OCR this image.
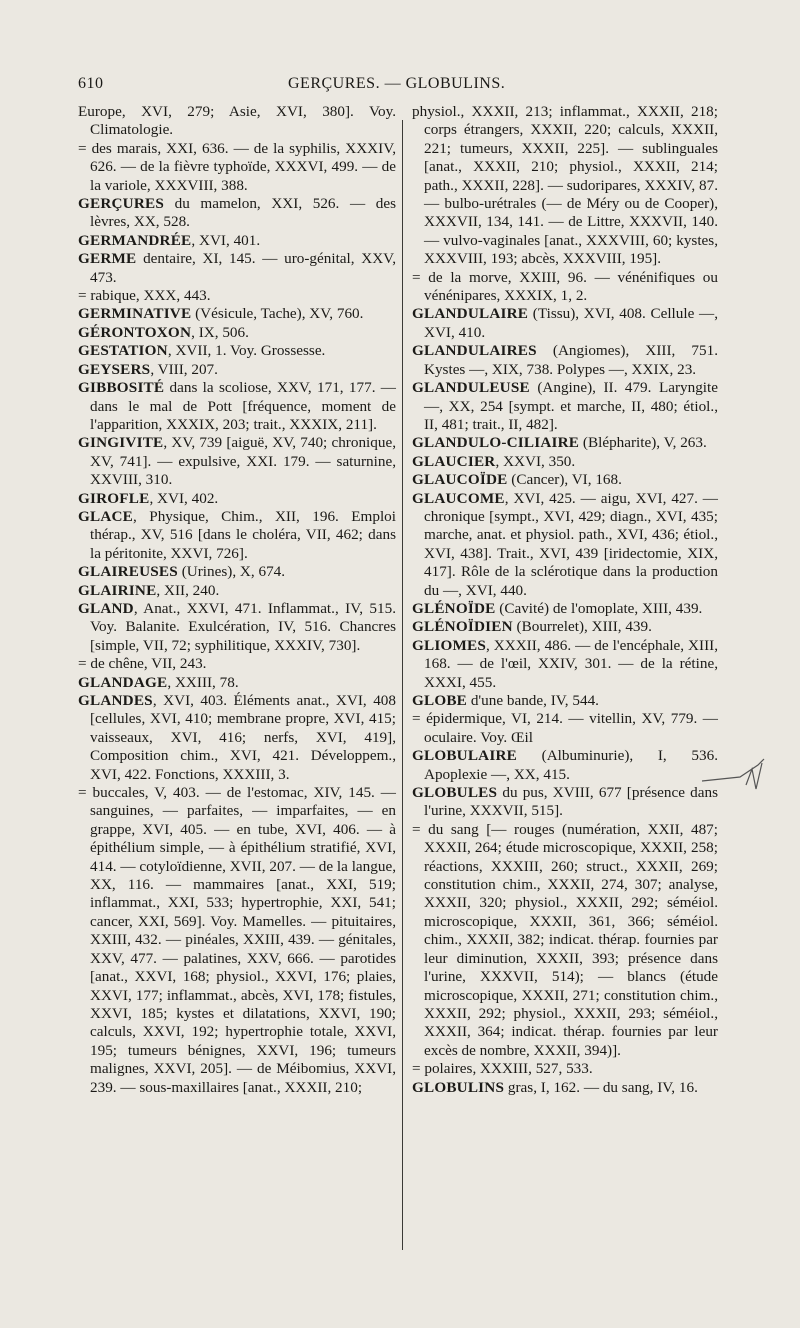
610	GERÇURES. — GLOBULINS.

Europe, XVI, 279; Asie, XVI, 380]. Voy. Climatologie.

= des marais, XXI, 636. — de la syphilis, XXXIV, 626. — de la fièvre typhoïde, XXXVI, 499. — de la variole, XXXVIII, 388.

GERÇURES du mamelon, XXI, 526. — des lèvres, XX, 528.

GERMANDRÉE, XVI, 401.

GERME dentaire, XI, 145. — uro-génital, XXV, 473.

= rabique, XXX, 443.

GERMINATIVE (Vésicule, Tache), XV, 760.

GÉRONTOXON, IX, 506.

GESTATION, XVII, 1. Voy. Grossesse.

GEYSERS, VIII, 207.

GIBBOSITÉ dans la scoliose, XXV, 171, 177. — dans le mal de Pott [fréquence, moment de l'apparition, XXXIX, 203; trait., XXXIX, 211].

GINGIVITE, XV, 739 [aiguë, XV, 740; chronique, XV, 741]. — expulsive, XXI. 179. — saturnine, XXVIII, 310.

GIROFLE, XVI, 402.

GLACE, Physique, Chim., XII, 196. Emploi thérap., XV, 516 [dans le choléra, VII, 462; dans la péritonite, XXVI, 726].

GLAIREUSES (Urines), X, 674.

GLAIRINE, XII, 240.

GLAND, Anat., XXVI, 471. Inflammat., IV, 515. Voy. Balanite. Exulcération, IV, 516. Chancres [simple, VII, 72; syphilitique, XXXIV, 730].

= de chêne, VII, 243.

GLANDAGE, XXIII, 78.

GLANDES, XVI, 403. Éléments anat., XVI, 408 [cellules, XVI, 410; membrane propre, XVI, 415; vaisseaux, XVI, 416; nerfs, XVI, 419], Composition chim., XVI, 421. Développem., XVI, 422. Fonctions, XXXIII, 3.

= buccales, V, 403. — de l'estomac, XIV, 145. — sanguines, — parfaites, — imparfaites, — en grappe, XVI, 405. — en tube, XVI, 406. — à épithélium simple, — à épithélium stratifié, XVI, 414. — cotyloïdienne, XVII, 207. — de la langue, XX, 116. — mammaires [anat., XXI, 519; inflammat., XXI, 533; hypertrophie, XXI, 541; cancer, XXI, 569]. Voy. Mamelles. — pituitaires, XXIII, 432. — pinéales, XXIII, 439. — génitales, XXV, 477. — palatines, XXV, 666. — parotides [anat., XXVI, 168; physiol., XXVI, 176; plaies, XXVI, 177; inflammat., abcès, XVI, 178; fistules, XXVI, 185; kystes et dilatations, XXVI, 190; calculs, XXVI, 192; hypertrophie totale, XXVI, 195; tumeurs bénignes, XXVI, 196; tumeurs malignes, XXVI, 205]. — de Méibomius, XXVI, 239. — sous-maxillaires [anat., XXXII, 210;

physiol., XXXII, 213; inflammat., XXXII, 218; corps étrangers, XXXII, 220; calculs, XXXII, 221; tumeurs, XXXII, 225]. — sublinguales [anat., XXXII, 210; physiol., XXXII, 214; path., XXXII, 228]. — sudoripares, XXXIV, 87. — bulbo-urétrales (— de Méry ou de Cooper), XXXVII, 134, 141. — de Littre, XXXVII, 140. — vulvo-vaginales [anat., XXXVIII, 60; kystes, XXXVIII, 193; abcès, XXXVIII, 195].

= de la morve, XXIII, 96. — vénénifiques ou vénénipares, XXXIX, 1, 2.

GLANDULAIRE (Tissu), XVI, 408. Cellule —, XVI, 410.

GLANDULAIRES (Angiomes), XIII, 751. Kystes —, XIX, 738. Polypes —, XXIX, 23.

GLANDULEUSE (Angine), II. 479. Laryngite —, XX, 254 [sympt. et marche, II, 480; étiol., II, 481; trait., II, 482].

GLANDULO-CILIAIRE (Blépharite), V, 263.

GLAUCIER, XXVI, 350.

GLAUCOÏDE (Cancer), VI, 168.

GLAUCOME, XVI, 425. — aigu, XVI, 427. — chronique [sympt., XVI, 429; diagn., XVI, 435; marche, anat. et physiol. path., XVI, 436; étiol., XVI, 438]. Trait., XVI, 439 [iridectomie, XIX, 417]. Rôle de la sclérotique dans la production du —, XVI, 440.

GLÉNOÏDE (Cavité) de l'omoplate, XIII, 439.

GLÉNOÏDIEN (Bourrelet), XIII, 439.

GLIOMES, XXXII, 486. — de l'encéphale, XIII, 168. — de l'œil, XXIV, 301. — de la rétine, XXXI, 455.

GLOBE d'une bande, IV, 544.

= épidermique, VI, 214. — vitellin, XV, 779. — oculaire. Voy. Œil

GLOBULAIRE (Albuminurie), I, 536. Apoplexie —, XX, 415.

GLOBULES du pus, XVIII, 677 [présence dans l'urine, XXXVII, 515].

= du sang [— rouges (numération, XXII, 487; XXXII, 264; étude microscopique, XXXII, 258; réactions, XXXIII, 260; struct., XXXII, 269; constitution chim., XXXII, 274, 307; analyse, XXXII, 320; physiol., XXXII, 292; séméiol. microscopique, XXXII, 361, 366; séméiol. chim., XXXII, 382; indicat. thérap. fournies par leur diminution, XXXII, 393; présence dans l'urine, XXXVII, 514); — blancs (étude microscopique, XXXII, 271; constitution chim., XXXII, 292; physiol., XXXII, 293; séméiol., XXXII, 364; indicat. thérap. fournies par leur excès de nombre, XXXII, 394)].

= polaires, XXXIII, 527, 533.

GLOBULINS gras, I, 162. — du sang, IV, 16.
